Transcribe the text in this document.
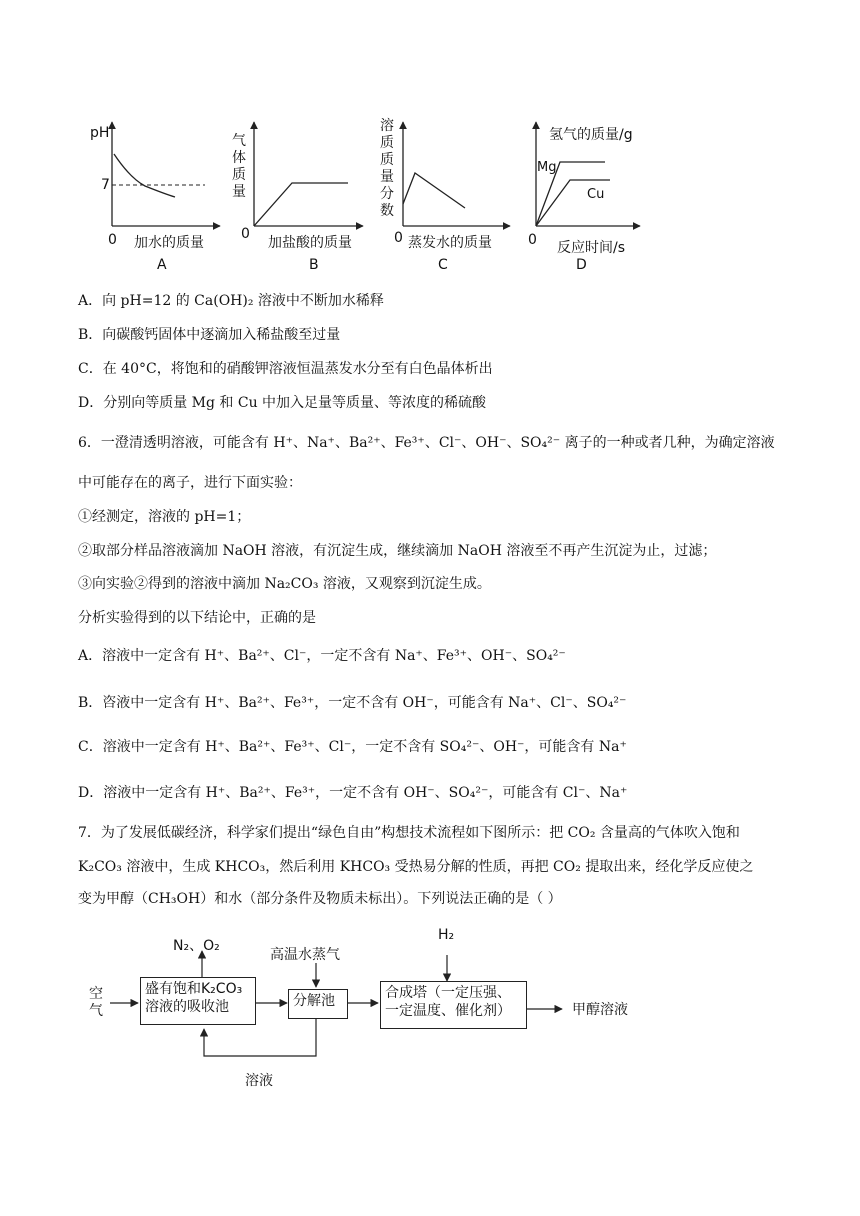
pH
7
0 加水的质量
A
气
体
质
量
0
加盐酸的质量
B
溶
质
质
量
分
数
0 蒸发水的质量
C
氢气的质量/g
Mg
Cu
0 反应时间/s
D
A．向 pH=12 的 Ca(OH)₂ 溶液中不断加水稀释
B．向碳酸钙固体中逐滴加入稀盐酸至过量
C．在 40°C，将饱和的硝酸钾溶液恒温蒸发水分至有白色晶体析出
D．分别向等质量 Mg 和 Cu 中加入足量等质量、等浓度的稀硫酸
6．一澄清透明溶液，可能含有 H⁺、Na⁺、Ba²⁺、Fe³⁺、Cl⁻、OH⁻、SO₄²⁻ 离子的一种或者几种，为确定溶液
中可能存在的离子，进行下面实验：
①经测定，溶液的 pH=1；
②取部分样品溶液滴加 NaOH 溶液，有沉淀生成，继续滴加 NaOH 溶液至不再产生沉淀为止，过滤；
③向实验②得到的溶液中滴加 Na₂CO₃ 溶液，又观察到沉淀生成。
分析实验得到的以下结论中，正确的是
A．溶液中一定含有 H⁺、Ba²⁺、Cl⁻，一定不含有 Na⁺、Fe³⁺、OH⁻、SO₄²⁻
B．咨液中一定含有 H⁺、Ba²⁺、Fe³⁺，一定不含有 OH⁻，可能含有 Na⁺、Cl⁻、SO₄²⁻
C．溶液中一定含有 H⁺、Ba²⁺、Fe³⁺、Cl⁻，一定不含有 SO₄²⁻、OH⁻，可能含有 Na⁺
D．溶液中一定含有 H⁺、Ba²⁺、Fe³⁺，一定不含有 OH⁻、SO₄²⁻，可能含有 Cl⁻、Na⁺
7．为了发展低碳经济，科学家们提出“绿色自由”构想技术流程如下图所示：把 CO₂ 含量高的气体吹入饱和
K₂CO₃ 溶液中，生成 KHCO₃，然后利用 KHCO₃ 受热易分解的性质，再把 CO₂ 提取出来，经化学反应使之
变为甲醇（CH₃OH）和水（部分条件及物质未标出）。下列说法正确的是（ ）
空气
N₂、O₂
盛有饱和K₂CO₃
溶液的吸收池
高温水蒸气
分解池
H₂
合成塔（一定压强、
一定温度、催化剂）	甲醇溶液
溶液
